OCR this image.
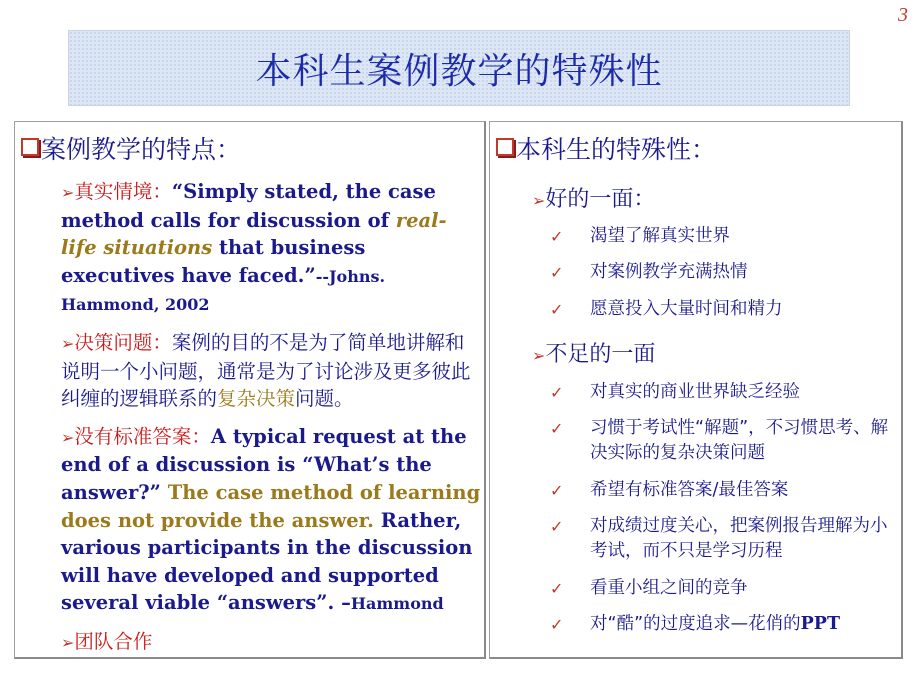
3
本科生案例教学的特殊性
案例教学的特点：
➢真实情境：“Simply stated, the case method calls for discussion of real-life situations that business executives have faced.”--Johns. Hammond, 2002
➢决策问题：案例的目的不是为了简单地讲解和说明一个小问题，通常是为了讨论涉及更多彼此纠缠的逻辑联系的复杂决策问题。
➢没有标准答案：A typical request at the end of a discussion is “What’s the answer?” The case method of learning does not provide the answer. Rather, various participants in the discussion will have developed and supported several viable “answers”. –Hammond
➢团队合作
本科生的特殊性：
➢好的一面：
✓ 渴望了解真实世界
✓ 对案例教学充满热情
✓ 愿意投入大量时间和精力
➢不足的一面
✓ 对真实的商业世界缺乏经验
✓ 习惯于考试性“解题”，不习惯思考、解决实际的复杂决策问题
✓ 希望有标准答案/最佳答案
✓ 对成绩过度关心，把案例报告理解为小考试，而不只是学习历程
✓ 看重小组之间的竞争
✓ 对“酷”的过度追求—花俏的PPT
